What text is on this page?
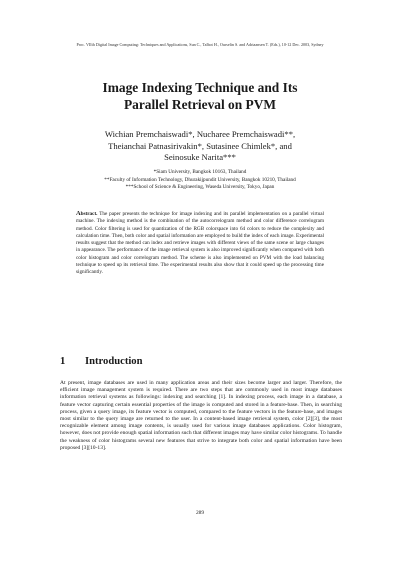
Proc. VIIth Digital Image Computing: Techniques and Applications, Sun C., Talbot H., Ourselin S. and Adriaansen T. (Eds.), 10-12 Dec. 2003, Sydney
Image Indexing Technique and Its
Parallel Retrieval on PVM
Wichian Premchaiswadi*, Nucharee Premchaiswadi**,
Theianchai Patnasirivakin*, Sutasinee Chimlek*, and
Seinosuke Narita***
*Siam University, Bangkok 10163, Thailand
**Faculty of Information Technology, Dhurakijpundit University, Bangkok 10210, Thailand
***School of Science & Engineering, Waseda University, Tokyo, Japan
Abstract. The paper presents the technique for image indexing and its parallel implementation on a parallel virtual machine. The indexing method is the combination of the autocorrelogram method and color difference correlogram method. Color filtering is used for quantization of the RGB colorspace into 64 colors to reduce the complexity and calculation time. Then, both color and spatial information are employed to build the index of each image. Experimental results suggest that the method can index and retrieve images with different views of the same scene or large changes in appearance. The performance of the image retrieval system is also improved significantly when compared with both color histogram and color correlogram method. The scheme is also implemented on PVM with the load balancing technique to speed up its retrieval time. The experimental results also show that it could speed up the processing time significantly.
1 Introduction
At present, image databases are used in many application areas and their sizes become larger and larger. Therefore, the efficient image management system is required. There are two steps that are commonly used in most image databases information retrieval systems as followings: indexing and searching [1]. In indexing process, each image in a database, a feature vector capturing certain essential properties of the image is computed and stored in a feature-base. Then, in searching process, given a query image, its feature vector is computed, compared to the feature vectors in the feature-base, and images most similar to the query image are returned to the user. In a content-based image retrieval system, color [2][3], the most recognizable element among image contents, is usually used for various image databases applications. Color histogram, however, does not provide enough spatial information such that different images may have similar color histograms. To handle the weakness of color histograms several new features that strive to integrate both color and spatial information have been proposed [3][10-13].
289
